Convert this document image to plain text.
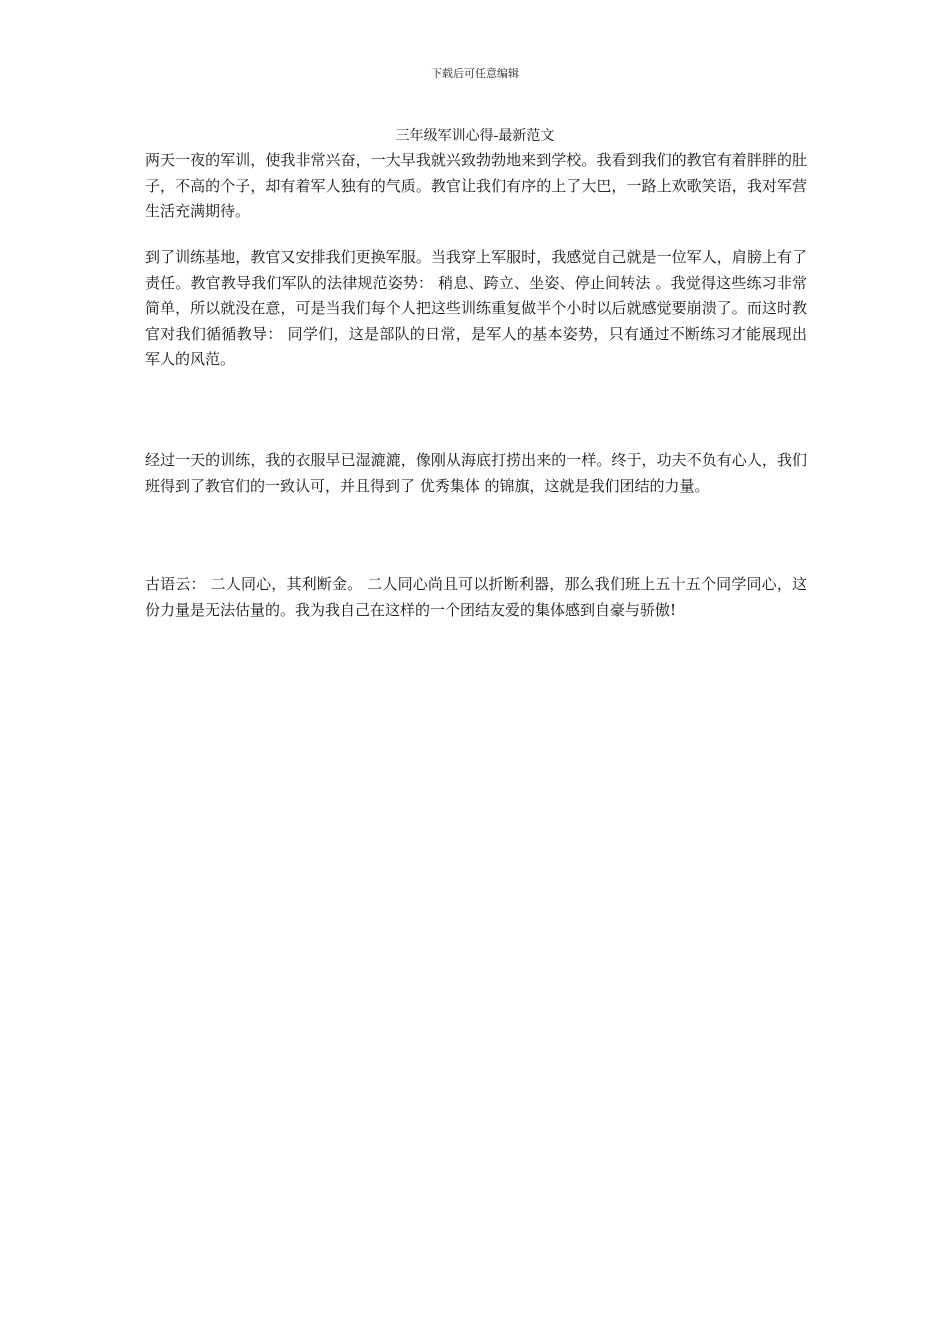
下载后可任意编辑
三年级军训心得-最新范文

两天一夜的军训，使我非常兴奋，一大早我就兴致勃勃地来到学校。我看到我们的教官有着胖胖的肚子，不高的个子，却有着军人独有的气质。教官让我们有序的上了大巴，一路上欢歌笑语，我对军营生活充满期待。

到了训练基地，教官又安排我们更换军服。当我穿上军服时，我感觉自己就是一位军人，肩膀上有了责任。教官教导我们军队的法律规范姿势： 稍息、跨立、坐姿、停止间转法 。我觉得这些练习非常简单，所以就没在意，可是当我们每个人把这些训练重复做半个小时以后就感觉要崩溃了。而这时教官对我们循循教导： 同学们，这是部队的日常，是军人的基本姿势，只有通过不断练习才能展现出军人的风范。

经过一天的训练，我的衣服早已湿漉漉，像刚从海底打捞出来的一样。终于，功夫不负有心人，我们班得到了教官们的一致认可，并且得到了 优秀集体 的锦旗，这就是我们团结的力量。

古语云： 二人同心，其利断金。 二人同心尚且可以折断利器，那么我们班上五十五个同学同心，这份力量是无法估量的。我为我自己在这样的一个团结友爱的集体感到自豪与骄傲!
